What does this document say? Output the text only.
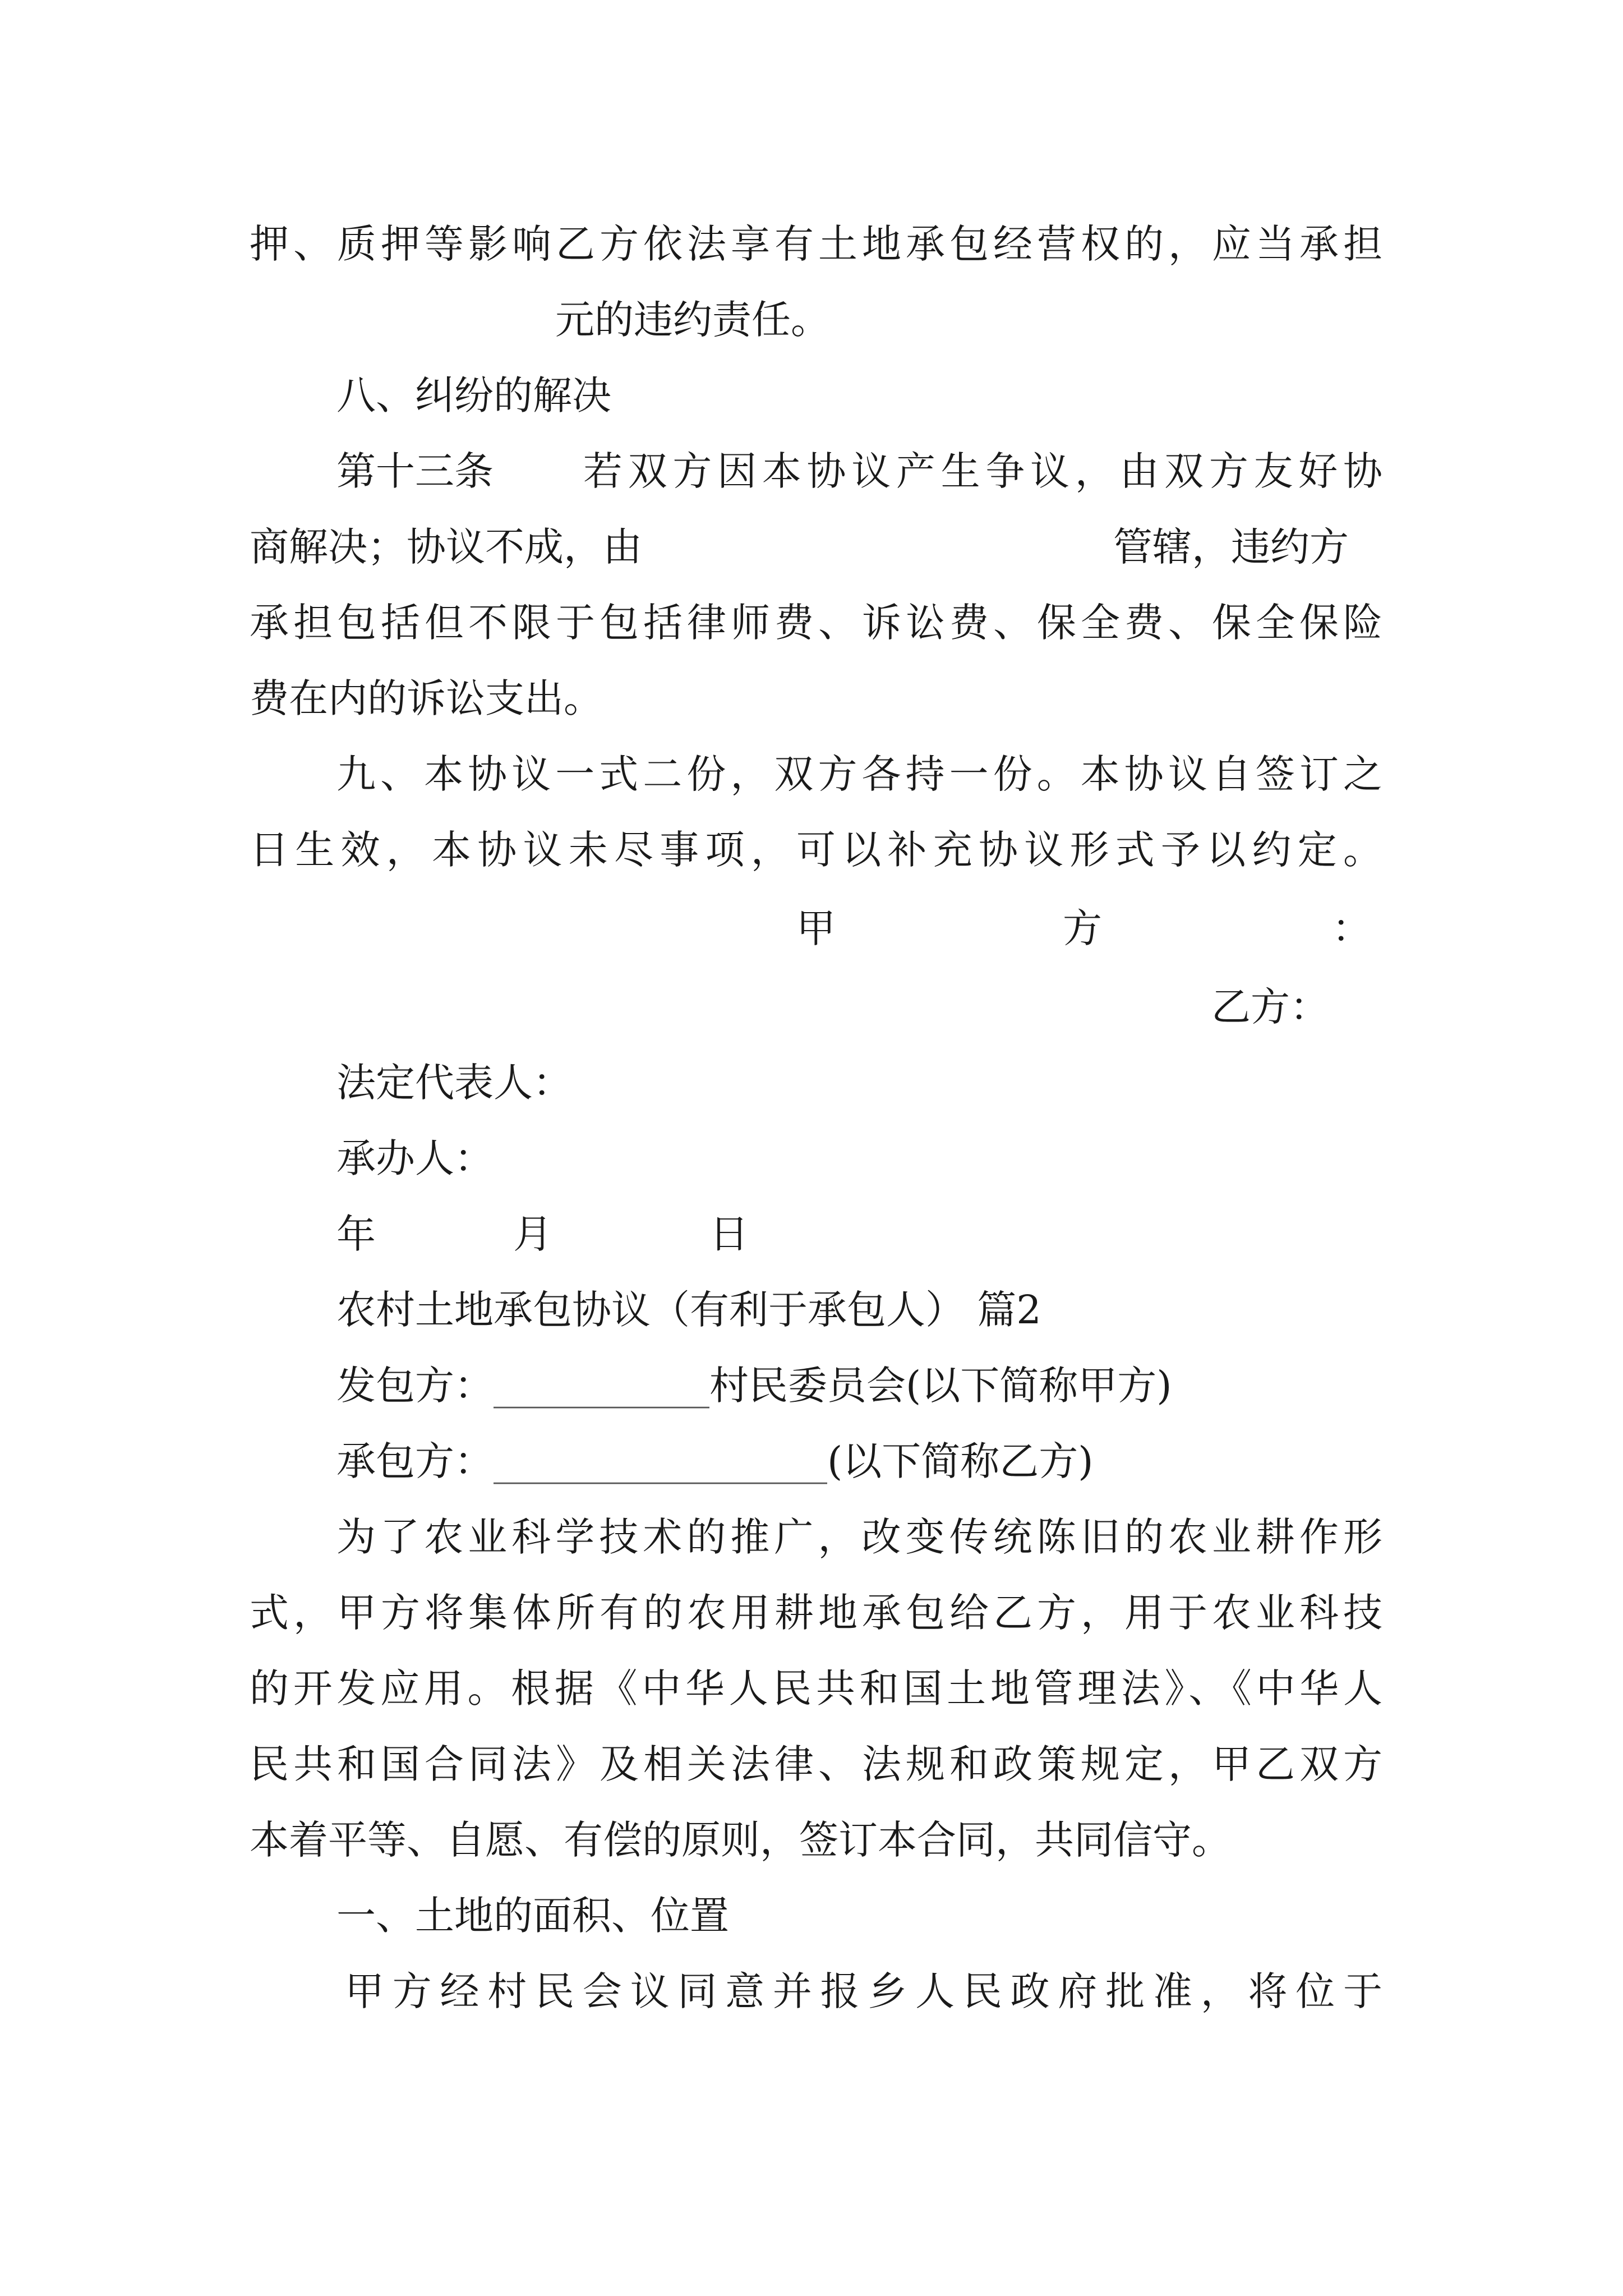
押、质押等影响乙方依法享有土地承包经营权的，应当承担
元的违约责任。
八、纠纷的解决
第十三条 若双方因本协议产生争议，由双方友好协
商解决；协议不成，由	管辖，违约方
承担包括但不限于包括律师费、诉讼费、保全费、保全保险
费在内的诉讼支出。
九、本协议一式二份，双方各持一份。本协议自签订之
日生效，本协议未尽事项，可以补充协议形式予以约定。
甲	方	：
乙方：
法定代表人：
承办人：
年	月	日
农村土地承包协议（有利于承包人） 篇2
发包方：___________村民委员会(以下简称甲方)
承包方：_________________(以下简称乙方)
为了农业科学技术的推广，改变传统陈旧的农业耕作形
式，甲方将集体所有的农用耕地承包给乙方，用于农业科技
的开发应用。根据《中华人民共和国土地管理法》、《中华人
民共和国合同法》及相关法律、法规和政策规定，甲乙双方
本着平等、自愿、有偿的原则，签订本合同，共同信守。
一、土地的面积、位置
甲方经村民会议同意并报乡人民政府批准，将位于
